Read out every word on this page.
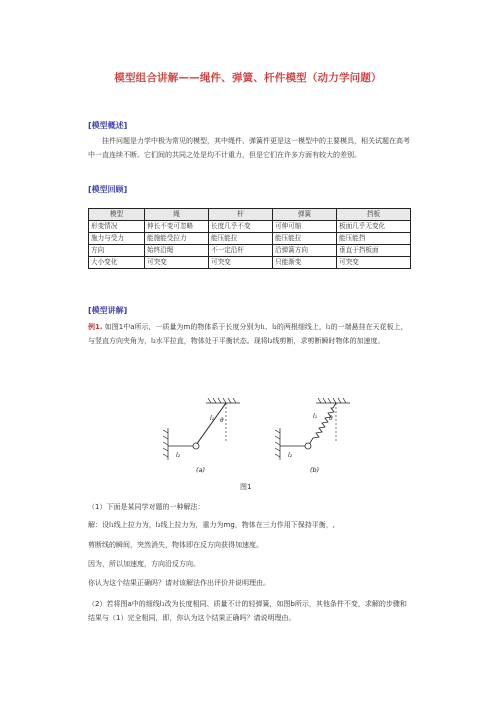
模型组合讲解——绳件、弹簧、杆件模型（动力学问题）
[模型概述]
挂件问题是力学中极为常见的模型，其中绳件、弹簧件更是这一模型中的主要模具，相关试题在高考中一直连续不断。它们间的共同之处是均不计重力，但是它们在许多方面有较大的差别。
[模型回顾]
模型	绳	杆	弹簧	挡板
形变情况	伸长不变可忽略	长度几乎不变	可伸可缩	板面几乎无变化
施力与受力	能施能受拉力	能压能拉	能压能拉	能压能挡
方向	始终沿绳	不一定沿杆	沿弹簧方向	垂直于挡板面
大小变化	可突变	可突变	只能渐变	可突变
[模型讲解]
例1. 如图1中a所示，一质量为m的物体系于长度分别为l₁、l₂的两根细线上，l₁的一端悬挂在天花板上，与竖直方向夹角为，l₂水平拉直，物体处于平衡状态。现将l₂线剪断，求剪断瞬时物体的加速度。
l₁ θ
l₂
(a)
l₁ θ
l₂
(b)
图1
（1）下面是某同学对题的一种解法：
解：设l₁线上拉力为，l₂线上拉力为，重力为mg，物体在三力作用下保持平衡，,
剪断线的瞬间，突然消失，物体即在反方向获得加速度。
因为，所以加速度，方向沿反方向。
你认为这个结果正确吗？请对该解法作出评价并说明理由。
（2）若将图a中的细线l₁改为长度相同、质量不计的轻弹簧，如图b所示，其他条件不变，求解的步骤和结果与（1）完全相同，即，你认为这个结果正确吗？请说明理由。
